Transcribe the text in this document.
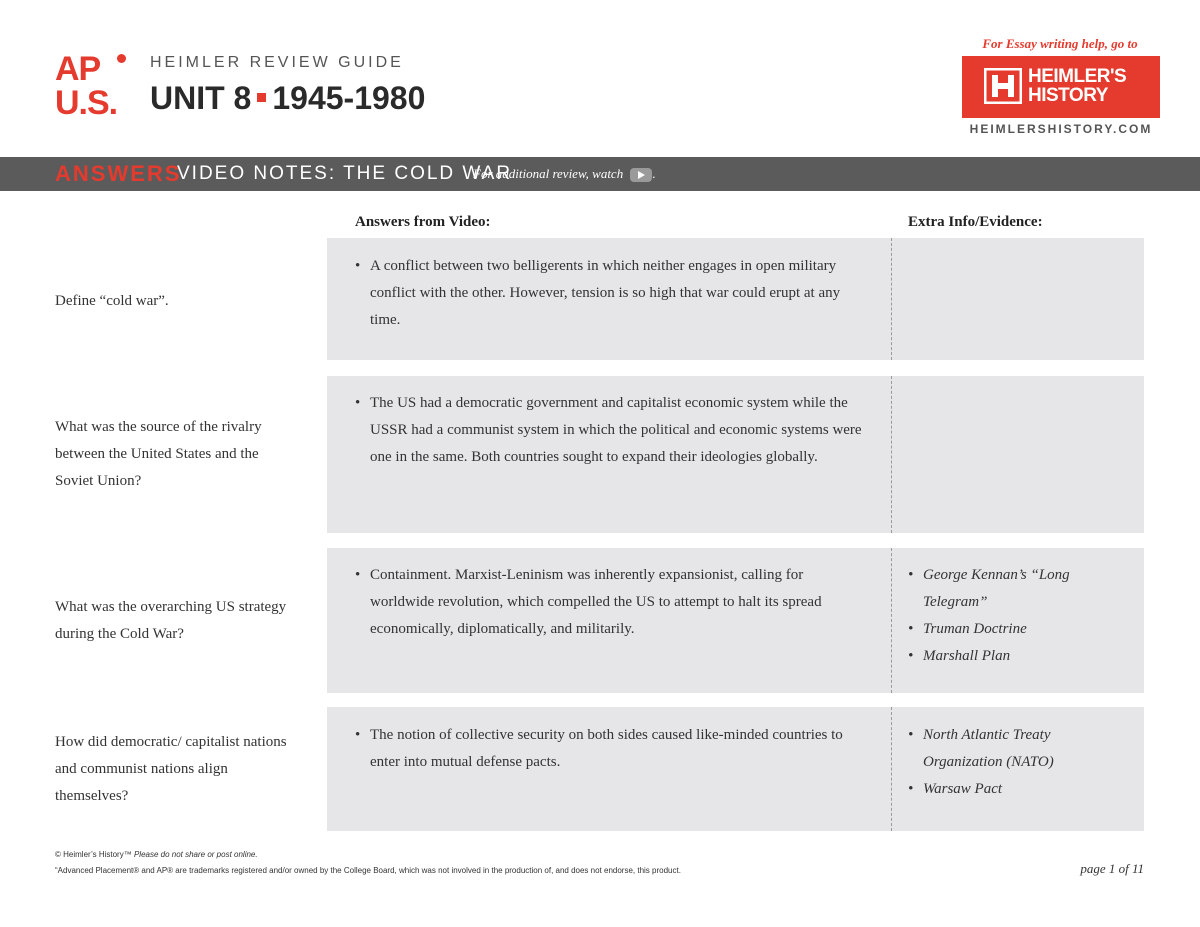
AP
U.S.
HEIMLER REVIEW GUIDE
UNIT 8 1945-1980
For Essay writing help, go to
HEIMLER'S
HISTORY
HEIMLERSHISTORY.COM
ANSWERS
VIDEO NOTES: THE COLD WAR
For additional review, watch .
Answers from Video:	Extra Info/Evidence:
Define “cold war”.
• A conflict between two belligerents in which neither engages in open military conflict with the other. However, tension is so high that war could erupt at any time.
What was the source of the rivalry between the United States and the Soviet Union?
• The US had a democratic government and capitalist economic system while the USSR had a communist system in which the political and economic systems were one in the same. Both countries sought to expand their ideologies globally.
What was the overarching US strategy during the Cold War?
• Containment. Marxist-Leninism was inherently expansionist, calling for worldwide revolution, which compelled the US to attempt to halt its spread economically, diplomatically, and militarily.
• George Kennan’s “Long Telegram”
• Truman Doctrine
• Marshall Plan
How did democratic/ capitalist nations and communist nations align themselves?
• The notion of collective security on both sides caused like-minded countries to enter into mutual defense pacts.
• North Atlantic Treaty Organization (NATO)
• Warsaw Pact
© Heimler’s History™ Please do not share or post online.
“Advanced Placement® and AP® are trademarks registered and/or owned by the College Board, which was not involved in the production of, and does not endorse, this product.	page 1 of 11
